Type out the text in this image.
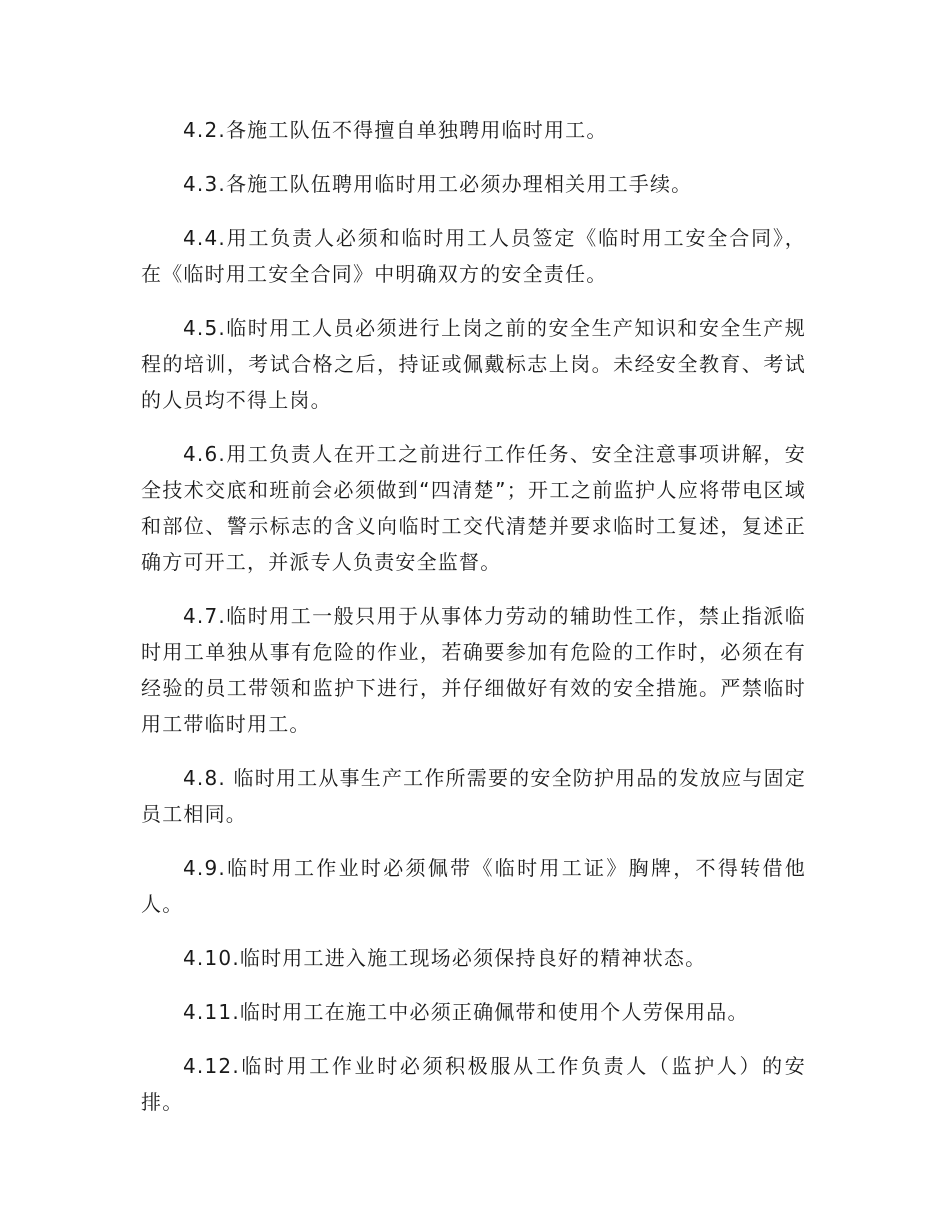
4.2.各施工队伍不得擅自单独聘用临时用工。

4.3.各施工队伍聘用临时用工必须办理相关用工手续。

4.4.用工负责人必须和临时用工人员签定《临时用工安全合同》，在《临时用工安全合同》中明确双方的安全责任。

4.5.临时用工人员必须进行上岗之前的安全生产知识和安全生产规程的培训，考试合格之后，持证或佩戴标志上岗。未经安全教育、考试的人员均不得上岗。

4.6.用工负责人在开工之前进行工作任务、安全注意事项讲解，安全技术交底和班前会必须做到“四清楚”；开工之前监护人应将带电区域和部位、警示标志的含义向临时工交代清楚并要求临时工复述，复述正确方可开工，并派专人负责安全监督。

4.7.临时用工一般只用于从事体力劳动的辅助性工作，禁止指派临时用工单独从事有危险的作业，若确要参加有危险的工作时，必须在有经验的员工带领和监护下进行，并仔细做好有效的安全措施。严禁临时用工带临时用工。

4.8. 临时用工从事生产工作所需要的安全防护用品的发放应与固定员工相同。

4.9.临时用工作业时必须佩带《临时用工证》胸牌，不得转借他人。

4.10.临时用工进入施工现场必须保持良好的精神状态。

4.11.临时用工在施工中必须正确佩带和使用个人劳保用品。

4.12.临时用工作业时必须积极服从工作负责人（监护人）的安排。
